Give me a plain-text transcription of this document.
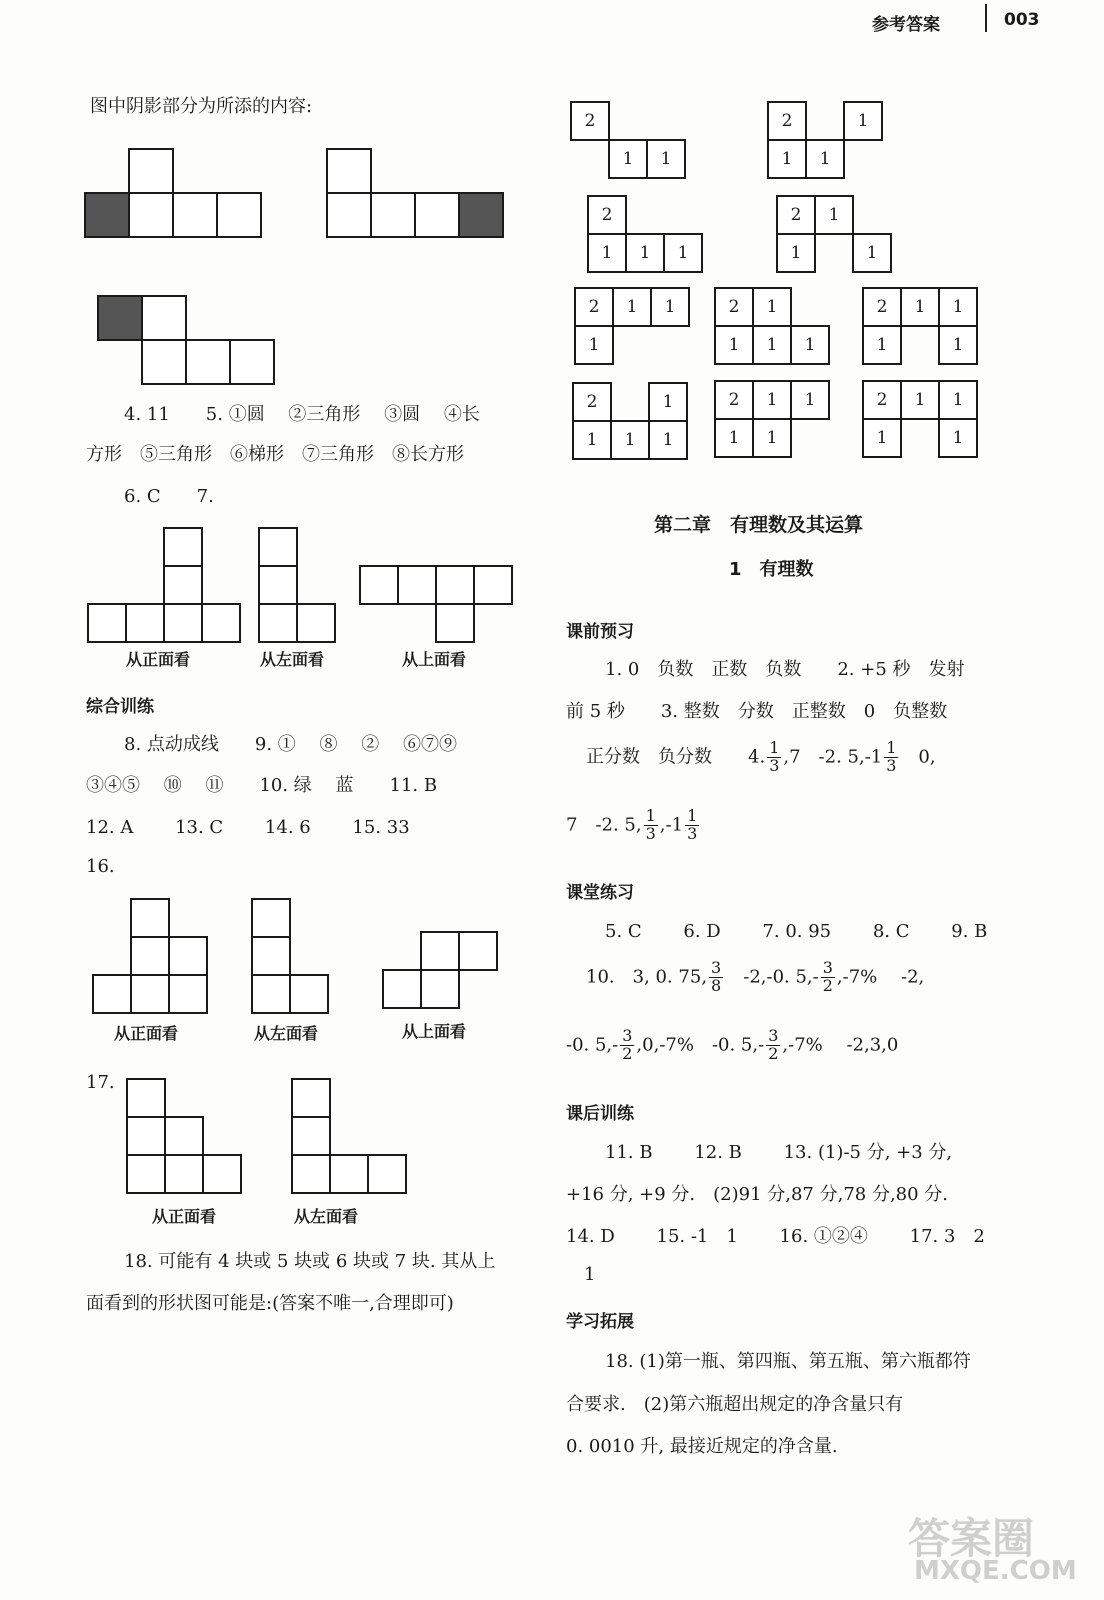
参考答案	003
图中阴影部分为所添的内容:
4. 11　　5. ①圆　 ②三角形　 ③圆　 ④长
方形　⑤三角形　⑥梯形　⑦三角形　⑧长方形
6. C　　7.
从正面看	从左面看	从上面看
综合训练
8. 点动成线　　9. ①　 ⑧　 ②　 ⑥⑦⑨
③④⑤　 ⑩　 ⑪　　10. 绿　 蓝　　11. B
12. A　　 13. C　　 14. 6　　 15. 33
16.
从正面看	从左面看	从上面看
17.
从正面看	从左面看
18. 可能有 4 块或 5 块或 6 块或 7 块. 其从上
面看到的形状图可能是:(答案不唯一,合理即可)
2
1	1
2	1
1	1
2
1	1	1
2	1
1	1
2	1	1
1
2	1
1	1	1
2	1	1
1	1
2	1
1	1	1
2	1	1
1	1
2	1	1
1	1
第二章　有理数及其运算
1　有理数
课前预习
1. 0　负数　正数　负数　　2. +5 秒　发射
前 5 秒　　3. 整数　分数　正整数　0　负整数
正分数　负分数　　4. $\frac{1}{3} ,7$　-2. $5,-1 \frac{1}{3}$ 　0,
7　-2. 5, $\frac{1}{3} ,-1 \frac{1}{3}$
课堂练习
5. C　　 6. D　　 7. 0. 95　　 8. C　　 9. B
10.　3, 0. 75, $\frac{3}{8}$ 　-2,-0. $5,- \frac{3}{2} ,-7\%$　 -2,
-0. $5,- \frac{3}{2} ,0,-7\%$　-0. $5,- \frac{3}{2} ,-7\%$　 -2,3,0
课后训练
11. B　　 12. B　　 13. (1)-5 分, +3 分,
+16 分, +9 分.　(2)91 分,87 分,78 分,80 分.
14. D　　 15. -1　1　　 16. ①②④　　 17. 3　2
1
学习拓展
18. (1)第一瓶、第四瓶、第五瓶、第六瓶都符
合要求.　(2)第六瓶超出规定的净含量只有
0. 0010 升, 最接近规定的净含量.
答案圈
MXQE.COM
